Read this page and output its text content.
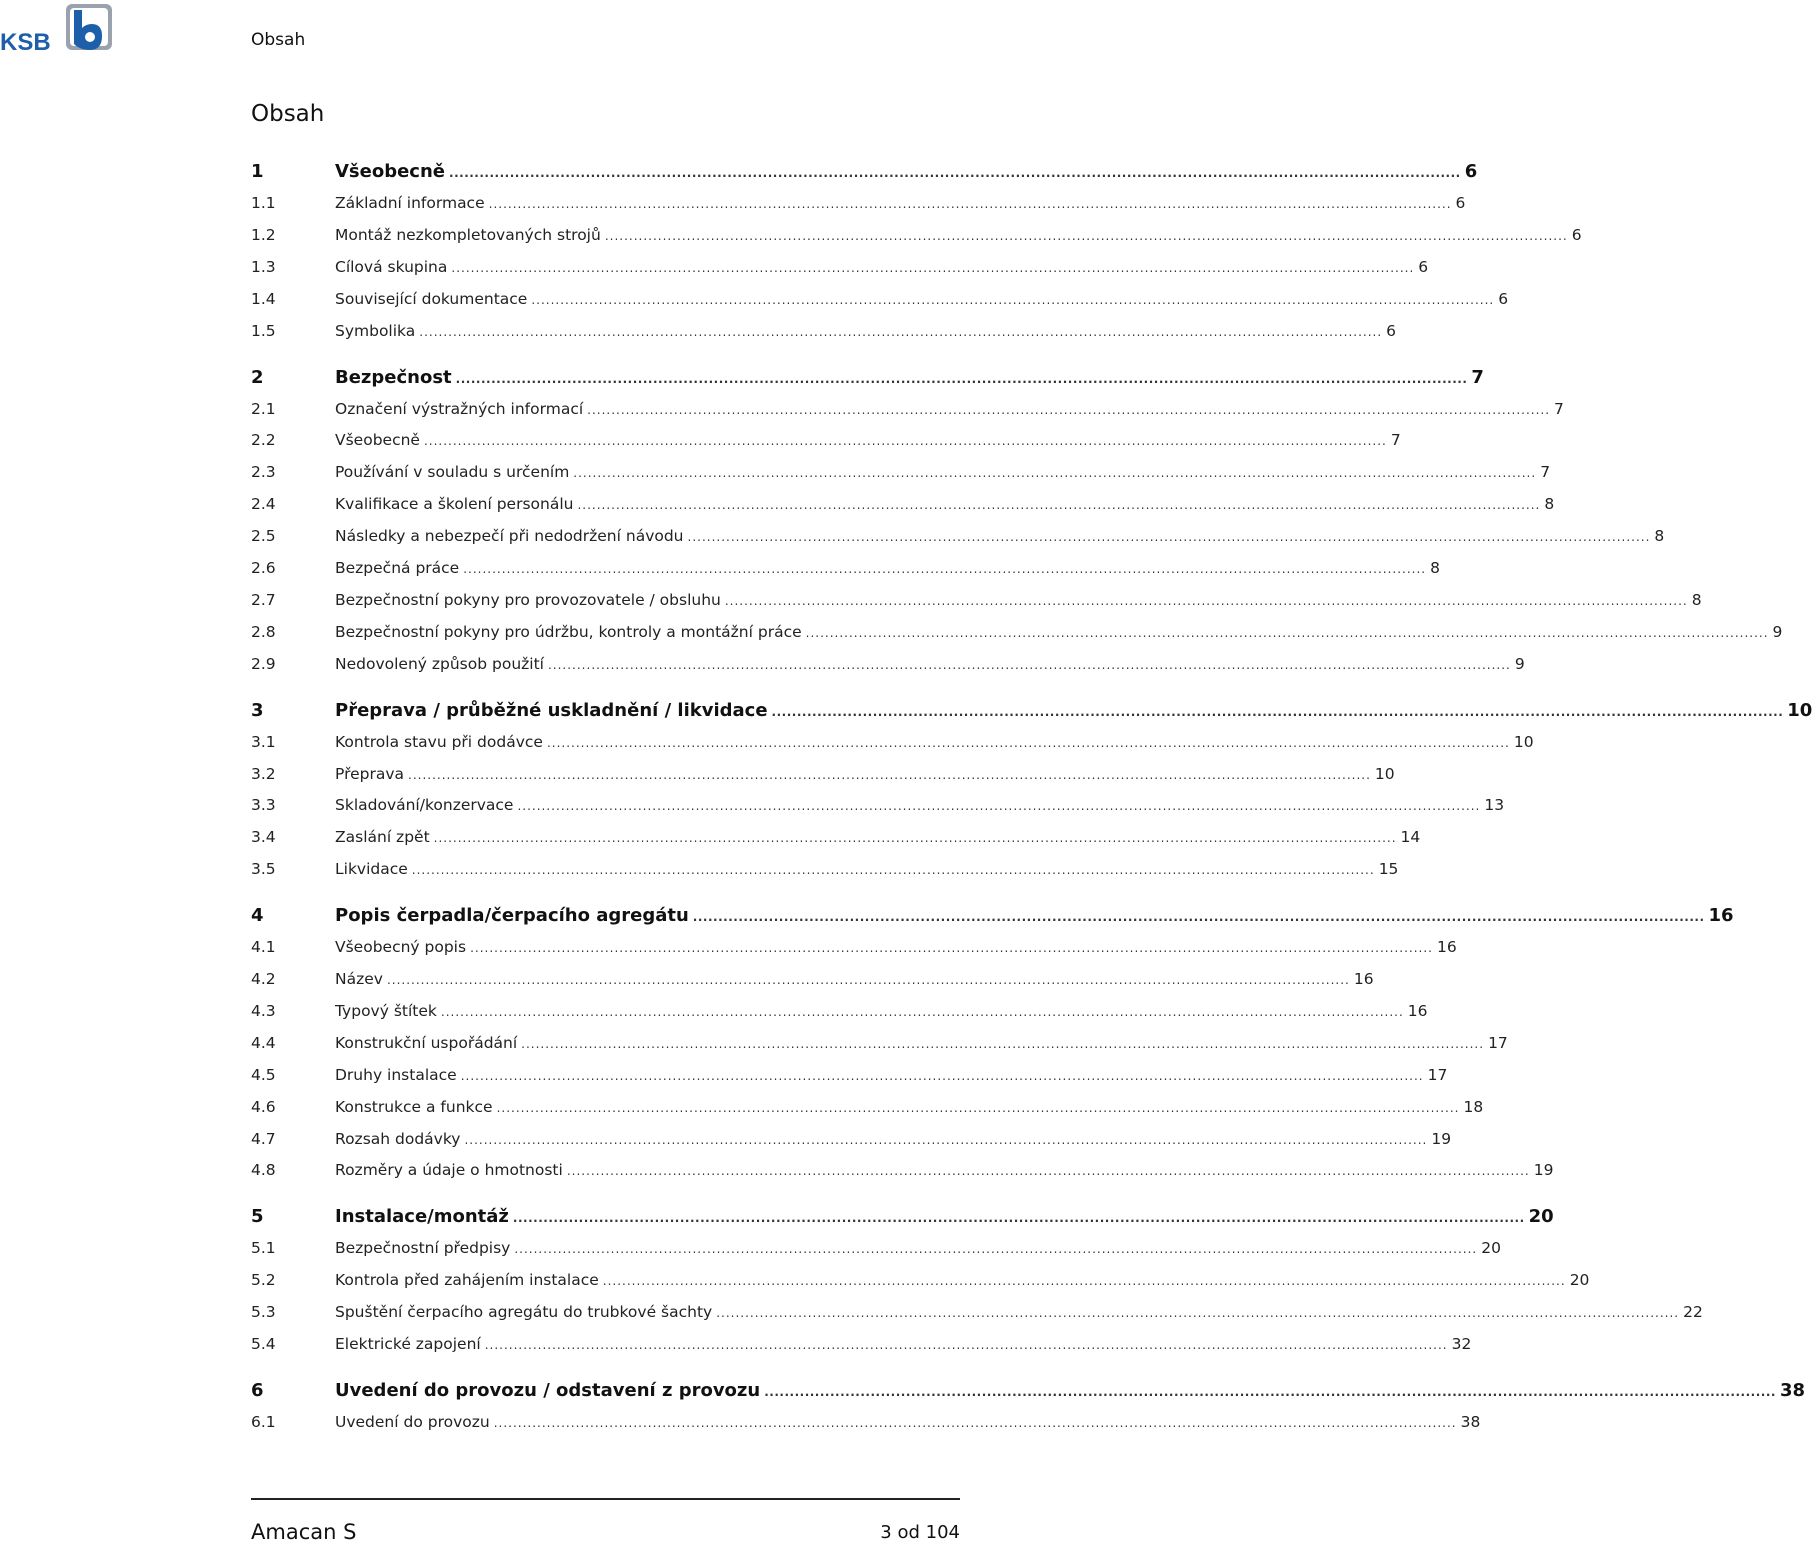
KSB	Obsah
Obsah
1	Všeobecně ........................................................................................................................................................................................................ 6
1.1	Základní informace ........................................................................................................................................................................................................ 6
1.2	Montáž nezkompletovaných strojů ........................................................................................................................................................................................................ 6
1.3	Cílová skupina ........................................................................................................................................................................................................ 6
1.4	Související dokumentace ........................................................................................................................................................................................................ 6
1.5	Symbolika ........................................................................................................................................................................................................ 6
2	Bezpečnost ........................................................................................................................................................................................................ 7
2.1	Označení výstražných informací ........................................................................................................................................................................................................ 7
2.2	Všeobecně ........................................................................................................................................................................................................ 7
2.3	Používání v souladu s určením ........................................................................................................................................................................................................ 7
2.4	Kvalifikace a školení personálu ........................................................................................................................................................................................................ 8
2.5	Následky a nebezpečí při nedodržení návodu ........................................................................................................................................................................................................ 8
2.6	Bezpečná práce ........................................................................................................................................................................................................ 8
2.7	Bezpečnostní pokyny pro provozovatele / obsluhu ........................................................................................................................................................................................................ 8
2.8	Bezpečnostní pokyny pro údržbu, kontroly a montážní práce ........................................................................................................................................................................................................ 9
2.9	Nedovolený způsob použití ........................................................................................................................................................................................................ 9
3	Přeprava / průběžné uskladnění / likvidace ........................................................................................................................................................................................................ 10
3.1	Kontrola stavu při dodávce ........................................................................................................................................................................................................ 10
3.2	Přeprava ........................................................................................................................................................................................................ 10
3.3	Skladování/konzervace ........................................................................................................................................................................................................ 13
3.4	Zaslání zpět ........................................................................................................................................................................................................ 14
3.5	Likvidace ........................................................................................................................................................................................................ 15
4	Popis čerpadla/čerpacího agregátu ........................................................................................................................................................................................................ 16
4.1	Všeobecný popis ........................................................................................................................................................................................................ 16
4.2	Název ........................................................................................................................................................................................................ 16
4.3	Typový štítek ........................................................................................................................................................................................................ 16
4.4	Konstrukční uspořádání ........................................................................................................................................................................................................ 17
4.5	Druhy instalace ........................................................................................................................................................................................................ 17
4.6	Konstrukce a funkce ........................................................................................................................................................................................................ 18
4.7	Rozsah dodávky ........................................................................................................................................................................................................ 19
4.8	Rozměry a údaje o hmotnosti ........................................................................................................................................................................................................ 19
5	Instalace/montáž ........................................................................................................................................................................................................ 20
5.1	Bezpečnostní předpisy ........................................................................................................................................................................................................ 20
5.2	Kontrola před zahájením instalace ........................................................................................................................................................................................................ 20
5.3	Spuštění čerpacího agregátu do trubkové šachty ........................................................................................................................................................................................................ 22
5.4	Elektrické zapojení ........................................................................................................................................................................................................ 32
6	Uvedení do provozu / odstavení z provozu ........................................................................................................................................................................................................ 38
6.1	Uvedení do provozu ........................................................................................................................................................................................................ 38
Amacan S	3 od 104
